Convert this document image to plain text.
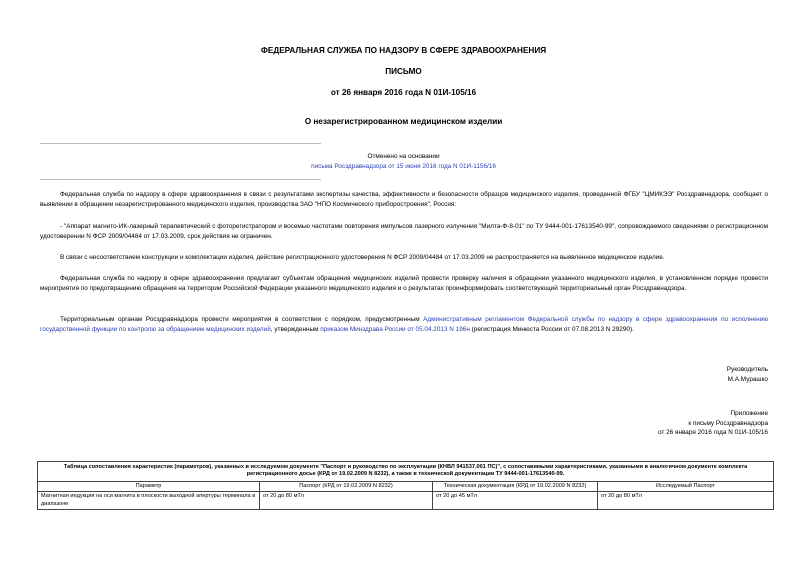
ФЕДЕРАЛЬНАЯ СЛУЖБА ПО НАДЗОРУ В СФЕРЕ ЗДРАВООХРАНЕНИЯ
ПИСЬМО
от 26 января 2016 года N 01И-105/16
О незарегистрированном медицинском изделии
Отменено на основании
письма Росздравнадзора от 15 июня 2016 года N 01И-1156/16
Федеральная служба по надзору в сфере здравоохранения в связи с результатами экспертизы качества, эффективности и безопасности образцов медицинского изделия, проведенной ФГБУ "ЦМИКЭЭ" Росздравнадзора, сообщает о выявлении в обращении незарегистрированного медицинского изделия, производства ЗАО "НПО Космического приборостроения", Россия:
- "Аппарат магнито-ИК-лазерный терапевтический с фоторегистратором и восемью частотами повторения импульсов лазерного излучения "Милта-Ф-8-01" по ТУ 9444-001-17613540-99", сопровождаемого сведениями о регистрационном удостоверении N ФСР 2009/04484 от 17.03.2009, срок действия не ограничен.
В связи с несоответствием конструкции и комплектации изделия, действие регистрационного удостоверения N ФСР 2009/04484 от 17.03.2009 не распространяется на выявленное медицинское изделие.
Федеральная служба по надзору в сфере здравоохранения предлагает субъектам обращения медицинских изделий провести проверку наличия в обращении указанного медицинского изделия, в установленном порядке провести мероприятия по предотвращению обращения на территории Российской Федерации указанного медицинского изделия и о результатах проинформировать соответствующий территориальный орган Росздравнадзора.
Территориальным органам Росздравнадзора провести мероприятия в соответствии с порядком, предусмотренным Административным регламентом Федеральной службы по надзору в сфере здравоохранения по исполнению государственной функции по контролю за обращением медицинских изделий, утвержденным приказом Минздрава России от 05.04.2013 N 196н (регистрация Минюста России от 07.08.2013 N 29290).
Руководитель
М.А.Мурашко
Приложение
к письму Росздравнадзора
от 26 января 2016 года N 01И-105/16
Таблица сопоставления характеристик (параметров), указанных в исследуемом документе "Паспорт и руководство по эксплуатации (КНВЛ 941537.001 ПС)", с сопоставимыми характеристиками, указанными в аналогичном документе комплекта регистрационного досье (КРД от 19.02.2009 N 8232), а также в технической документации ТУ 9444-001-17613540-99.			
Параметр	Паспорт (КРД от 19.02.2009 N 8232)	Техническая документация (КРД от 19.02.2009 N 8232)	Исследуемый Паспорт
Магнитная индукция на оси магнита в плоскости выходной апертуры терминала в диапазоне	от 20 до 80 мТл	от 20 до 45 мТл	от 20 до 80 мТл
